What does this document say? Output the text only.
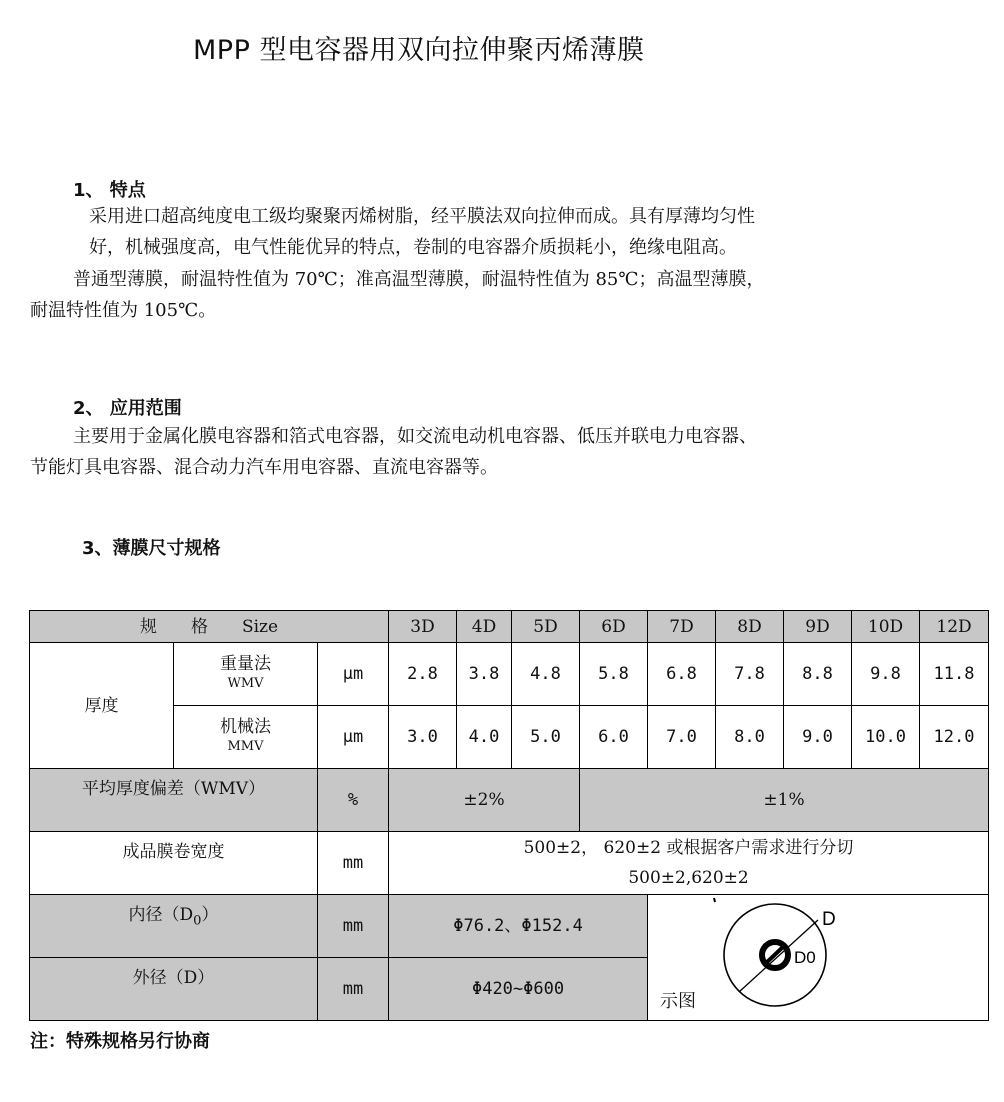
MPP 型电容器用双向拉伸聚丙烯薄膜
1、 特点
采用进口超高纯度电工级均聚聚丙烯树脂，经平膜法双向拉伸而成。具有厚薄均匀性
好，机械强度高，电气性能优异的特点，卷制的电容器介质损耗小，绝缘电阻高。
普通型薄膜，耐温特性值为 70℃；准高温型薄膜，耐温特性值为 85℃；高温型薄膜，
耐温特性值为 105℃。
2、 应用范围
主要用于金属化膜电容器和箔式电容器，如交流电动机电容器、低压并联电力电容器、
节能灯具电容器、混合动力汽车用电容器、直流电容器等。
3、薄膜尺寸规格
规　　格　　Size			3D	4D	5D	6D	7D	8D	9D	10D	12D
厚度	重量法
WMV	μm	2.8	3.8	4.8	5.8	6.8	7.8	8.8	9.8	11.8

	机械法
MMV	μm	3.0	4.0	5.0	6.0	7.0	8.0	9.0	10.0	12.0
平均厚度偏差（WMV）		%	±2%			±1%					
成品膜卷宽度		mm	500±2， 620±2 或根据客户需求进行分切
500±2,620±2								

内径$(D_0)$		mm	Φ76.2、Φ152.4				D
D0
示图				

外径（D）		mm	Φ420~Φ600								
注：特殊规格另行协商
